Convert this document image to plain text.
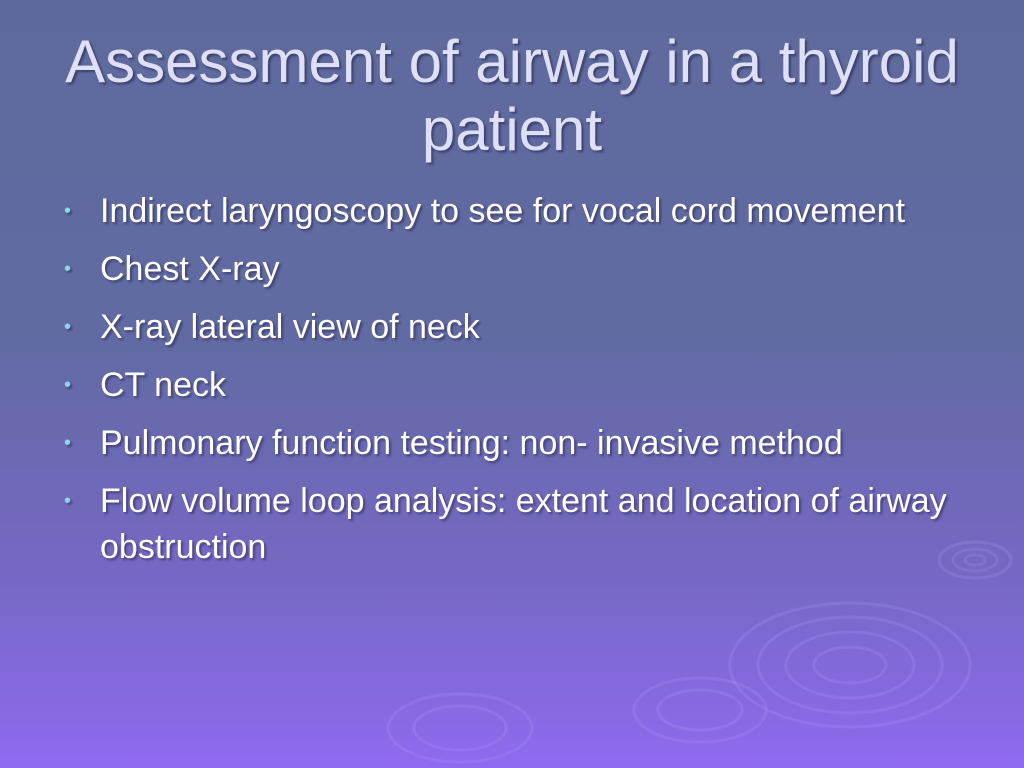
Assessment of airway in a thyroid patient
• Indirect laryngoscopy to see for vocal cord movement
• Chest X-ray
• X-ray lateral view of neck
• CT neck
• Pulmonary function testing: non- invasive method
• Flow volume loop analysis: extent and location of airway obstruction
